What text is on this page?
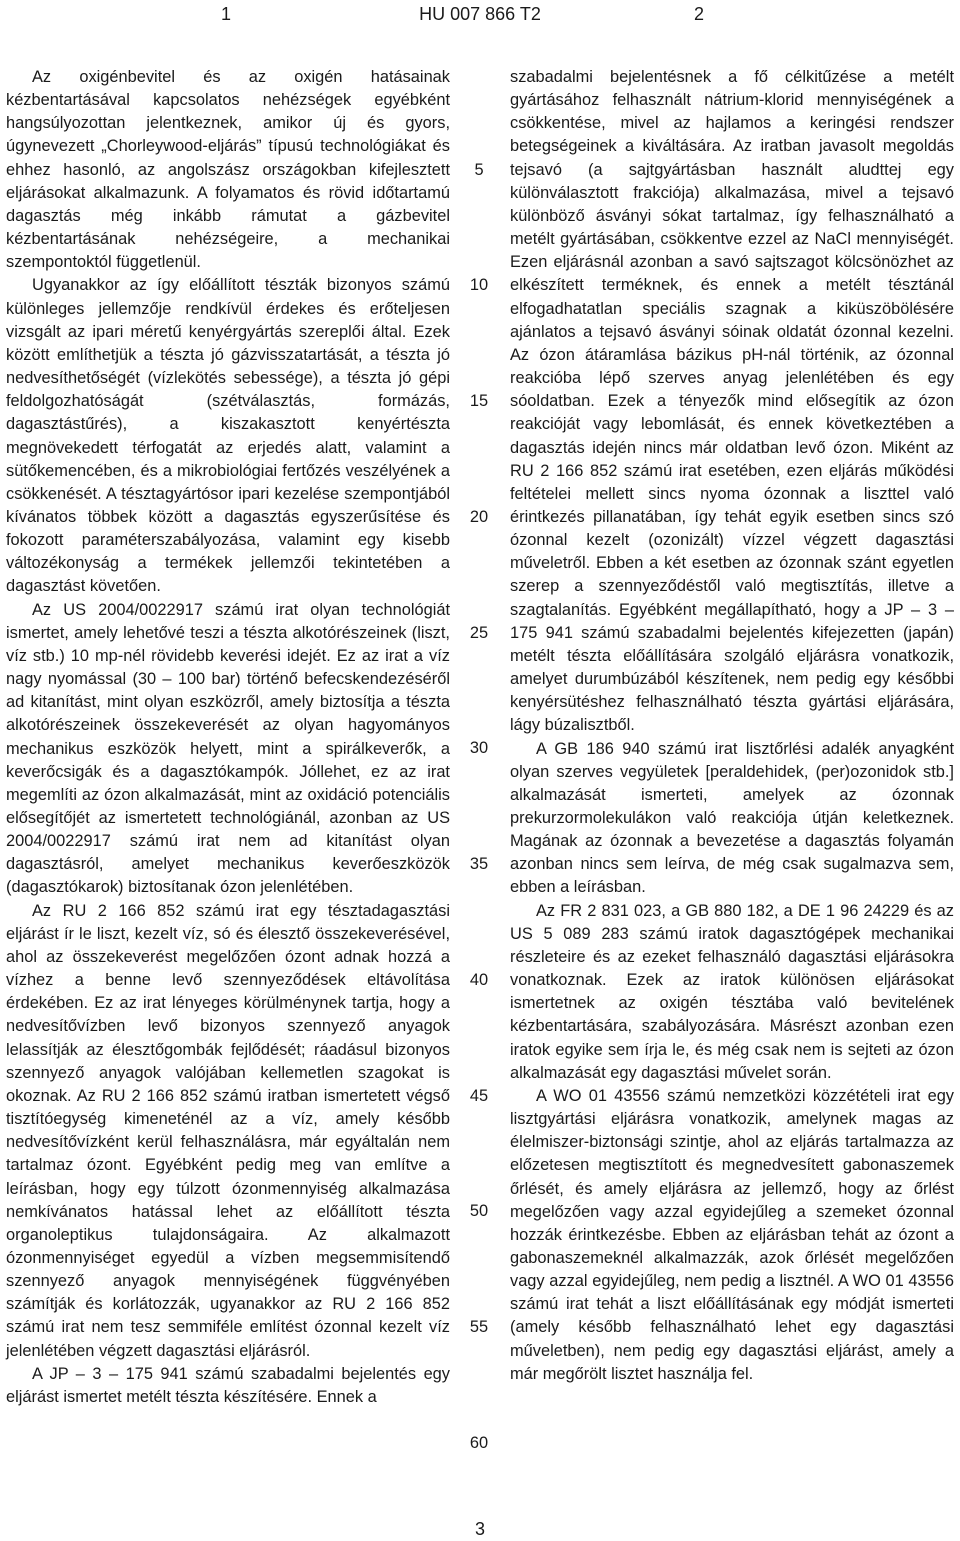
1	HU 007 866 T2	2

Az oxigénbevitel és az oxigén hatásainak kézbentartásával kapcsolatos nehézségek egyébként hangsúlyozottan jelentkeznek, amikor új és gyors, úgynevezett „Chorleywood-eljárás” típusú technológiákat és ehhez hasonló, az angolszász országokban kifejlesztett eljárásokat alkalmazunk. A folyamatos és rövid időtartamú dagasztás még inkább rámutat a gázbevitel kézbentartásának nehézségeire, a mechanikai szempontoktól függetlenül.

Ugyanakkor az így előállított tészták bizonyos számú különleges jellemzője rendkívül érdekes és erőteljesen vizsgált az ipari méretű kenyérgyártás szereplői által. Ezek között említhetjük a tészta jó gázvisszatartását, a tészta jó nedvesíthetőségét (vízlekötés sebessége), a tészta jó gépi feldolgozhatóságát (szétválasztás, formázás, dagasztástűrés), a kiszakasztott kenyértészta megnövekedett térfogatát az erjedés alatt, valamint a sütőkemencében, és a mikrobiológiai fertőzés veszélyének a csökkenését. A tésztagyártósor ipari kezelése szempontjából kívánatos többek között a dagasztás egyszerűsítése és fokozott paraméterszabályozása, valamint egy kisebb változékonyság a termékek jellemzői tekintetében a dagasztást követően.

Az US 2004/0022917 számú irat olyan technológiát ismertet, amely lehetővé teszi a tészta alkotórészeinek (liszt, víz stb.) 10 mp-nél rövidebb keverési idejét. Ez az irat a víz nagy nyomással (30 – 100 bar) történő befecskendezéséről ad kitanítást, mint olyan eszközről, amely biztosítja a tészta alkotórészeinek összekeverését az olyan hagyományos mechanikus eszközök helyett, mint a spirálkeverők, a keverőcsigák és a dagasztókampók. Jóllehet, ez az irat megemlíti az ózon alkalmazását, mint az oxidáció potenciális elősegítőjét az ismertetett technológiánál, azonban az US 2004/0022917 számú irat nem ad kitanítást olyan dagasztásról, amelyet mechanikus keverőeszközök (dagasztókarok) biztosítanak ózon jelenlétében.

Az RU 2 166 852 számú irat egy tésztadagasztási eljárást ír le liszt, kezelt víz, só és élesztő összekeverésével, ahol az összekeverést megelőzően ózont adnak hozzá a vízhez a benne levő szennyeződések eltávolítása érdekében. Ez az irat lényeges körülménynek tartja, hogy a nedvesítővízben levő bizonyos szennyező anyagok lelassítják az élesztőgombák fejlődését; ráadásul bizonyos szennyező anyagok valójában kellemetlen szagokat is okoznak. Az RU 2 166 852 számú iratban ismertetett végső tisztítóegység kimeneténél az a víz, amely később nedvesítővízként kerül felhasználásra, már egyáltalán nem tartalmaz ózont. Egyébként pedig meg van említve a leírásban, hogy egy túlzott ózonmennyiség alkalmazása nemkívánatos hatással lehet az előállított tészta organoleptikus tulajdonságaira. Az alkalmazott ózonmennyiséget egyedül a vízben megsemmisítendő szennyező anyagok mennyiségének függvényében számítják és korlátozzák, ugyanakkor az RU 2 166 852 számú irat nem tesz semmiféle említést ózonnal kezelt víz jelenlétében végzett dagasztási eljárásról.

A JP – 3 – 175 941 számú szabadalmi bejelentés egy eljárást ismertet metélt tészta készítésére. Ennek a

5
10
15
20
25
30
35
40
45
50
55
60

szabadalmi bejelentésnek a fő célkitűzése a metélt gyártásához felhasznált nátrium-klorid mennyiségének a csökkentése, mivel az hajlamos a keringési rendszer betegségeinek a kiváltására. Az iratban javasolt megoldás tejsavó (a sajtgyártásban használt aludttej egy különválasztott frakciója) alkalmazása, mivel a tejsavó különböző ásványi sókat tartalmaz, így felhasználható a metélt gyártásában, csökkentve ezzel az NaCl mennyiségét. Ezen eljárásnál azonban a savó sajtszagot kölcsönözhet az elkészített terméknek, és ennek a metélt tésztánál elfogadhatatlan speciális szagnak a kiküszöbölésére ajánlatos a tejsavó ásványi sóinak oldatát ózonnal kezelni. Az ózon átáramlása bázikus pH-nál történik, az ózonnal reakcióba lépő szerves anyag jelenlétében és egy sóoldatban. Ezek a tényezők mind elősegítik az ózon reakcióját vagy lebomlását, és ennek következtében a dagasztás idején nincs már oldatban levő ózon. Miként az RU 2 166 852 számú irat esetében, ezen eljárás működési feltételei mellett sincs nyoma ózonnak a liszttel való érintkezés pillanatában, így tehát egyik esetben sincs szó ózonnal kezelt (ozonizált) vízzel végzett dagasztási műveletről. Ebben a két esetben az ózonnak szánt egyetlen szerep a szennyeződéstől való megtisztítás, illetve a szagtalanítás. Egyébként megállapítható, hogy a JP – 3 – 175 941 számú szabadalmi bejelentés kifejezetten (japán) metélt tészta előállítására szolgáló eljárásra vonatkozik, amelyet durumbúzából készítenek, nem pedig egy későbbi kenyérsütéshez felhasználható tészta gyártási eljárására, lágy búzalisztből.

A GB 186 940 számú irat lisztőrlési adalék anyagként olyan szerves vegyületek [peraldehidek, (per)ozonidok stb.] alkalmazását ismerteti, amelyek az ózonnak prekurzormolekulákon való reakciója útján keletkeznek. Magának az ózonnak a bevezetése a dagasztás folyamán azonban nincs sem leírva, de még csak sugalmazva sem, ebben a leírásban.

Az FR 2 831 023, a GB 880 182, a DE 1 96 24229 és az US 5 089 283 számú iratok dagasztógépek mechanikai részleteire és az ezeket felhasználó dagasztási eljárásokra vonatkoznak. Ezek az iratok különösen eljárásokat ismertetnek az oxigén tésztába való bevitelének kézbentartására, szabályozására. Másrészt azonban ezen iratok egyike sem írja le, és még csak nem is sejteti az ózon alkalmazását egy dagasztási művelet során.

A WO 01 43556 számú nemzetközi közzétételi irat egy lisztgyártási eljárásra vonatkozik, amelynek magas az élelmiszer-biztonsági szintje, ahol az eljárás tartalmazza az előzetesen megtisztított és megnedvesített gabonaszemek őrlését, és amely eljárásra az jellemző, hogy az őrlést megelőzően vagy azzal egyidejűleg a szemeket ózonnal hozzák érintkezésbe. Ebben az eljárásban tehát az ózont a gabonaszemeknél alkalmazzák, azok őrlését megelőzően vagy azzal egyidejűleg, nem pedig a lisztnél. A WO 01 43556 számú irat tehát a liszt előállításának egy módját ismerteti (amely később felhasználható lehet egy dagasztási műveletben), nem pedig egy dagasztási eljárást, amely a már megőrölt lisztet használja fel.

3
